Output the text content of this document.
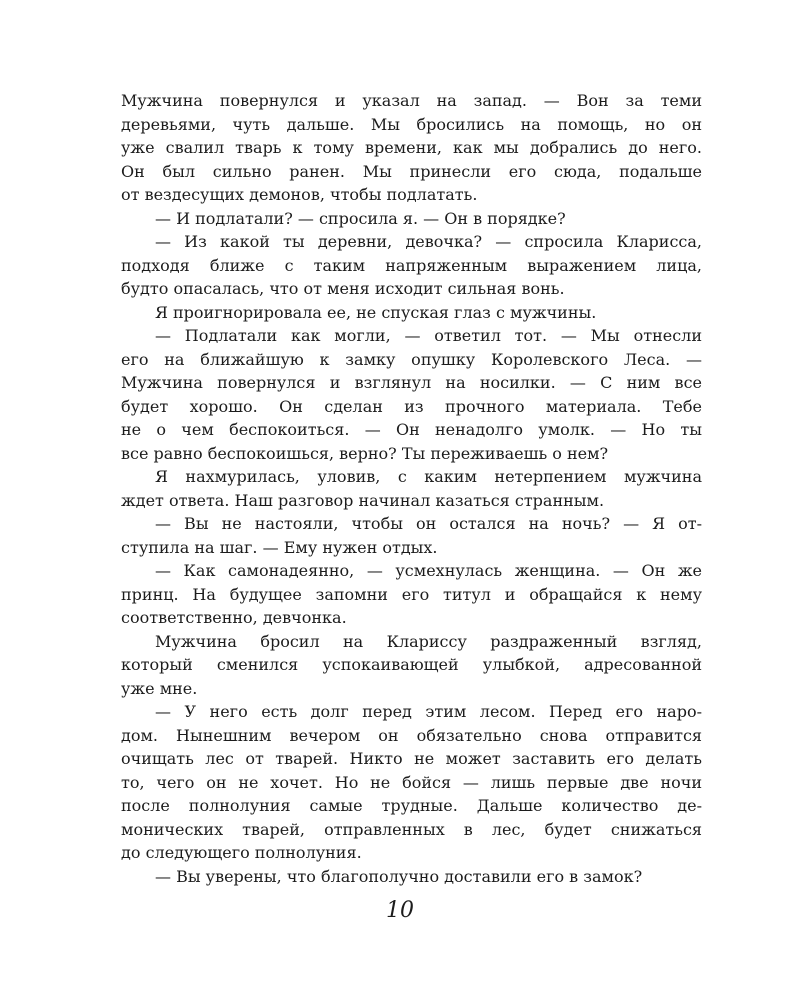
Мужчина повернулся и указал на запад. — Вон за теми
деревьями, чуть дальше. Мы бросились на помощь, но он
уже свалил тварь к тому времени, как мы добрались до него.
Он был сильно ранен. Мы принесли его сюда, подальше
от вездесущих демонов, чтобы подлатать.
— И подлатали? — спросила я. — Он в порядке?
— Из какой ты деревни, девочка? — спросила Кларисса,
подходя ближе с таким напряженным выражением лица,
будто опасалась, что от меня исходит сильная вонь.
Я проигнорировала ее, не спуская глаз с мужчины.
— Подлатали как могли, — ответил тот. — Мы отнесли
его на ближайшую к замку опушку Королевского Леса. —
Мужчина повернулся и взглянул на носилки. — С ним все
будет хорошо. Он сделан из прочного материала. Тебе
не о чем беспокоиться. — Он ненадолго умолк. — Но ты
все равно беспокоишься, верно? Ты переживаешь о нем?
Я нахмурилась, уловив, с каким нетерпением мужчина
ждет ответа. Наш разговор начинал казаться странным.
— Вы не настояли, чтобы он остался на ночь? — Я от-
ступила на шаг. — Ему нужен отдых.
— Как самонадеянно, — усмехнулась женщина. — Он же
принц. На будущее запомни его титул и обращайся к нему
соответственно, девчонка.
Мужчина бросил на Клариссу раздраженный взгляд,
который сменился успокаивающей улыбкой, адресованной
уже мне.
— У него есть долг перед этим лесом. Перед его наро-
дом. Нынешним вечером он обязательно снова отправится
очищать лес от тварей. Никто не может заставить его делать
то, чего он не хочет. Но не бойся — лишь первые две ночи
после полнолуния самые трудные. Дальше количество де-
монических тварей, отправленных в лес, будет снижаться
до следующего полнолуния.
— Вы уверены, что благополучно доставили его в замок?
10
